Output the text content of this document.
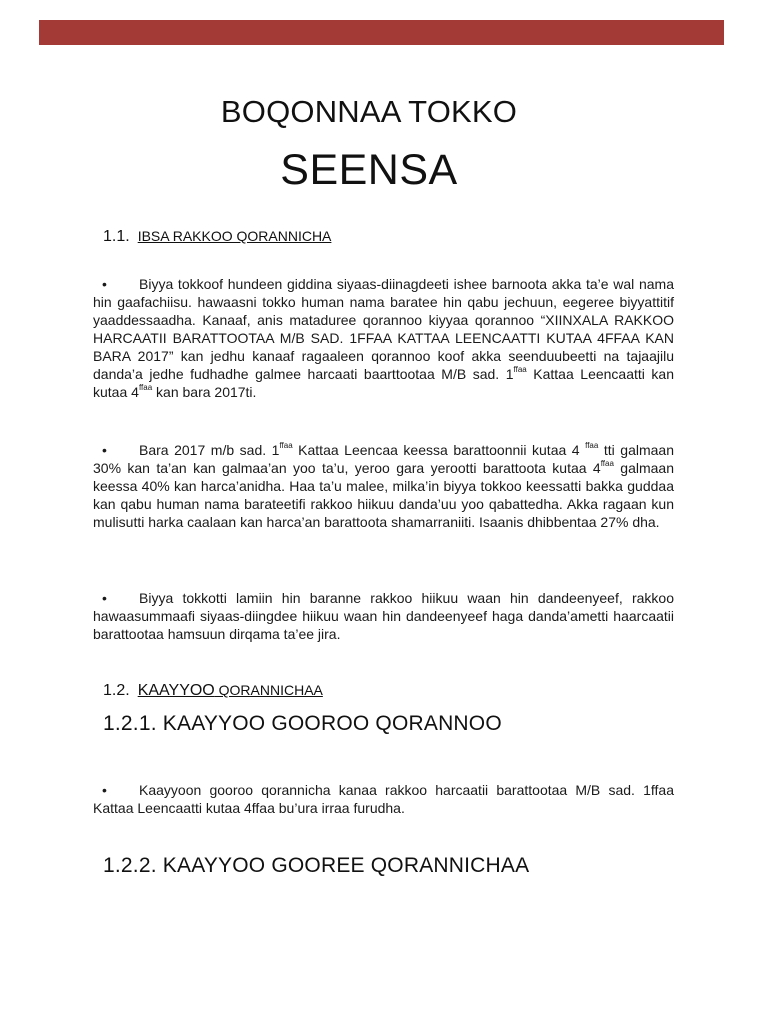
BOQONNAA TOKKO
SEENSA
1.1. IBSA RAKKOO QORANNICHA
• Biyya tokkoof hundeen giddina siyaas-diinagdeeti ishee barnoota akka ta’e wal nama hin gaafachiisu. hawaasni tokko human nama baratee hin qabu jechuun, eegeree biyyattitif yaaddessaadha. Kanaaf, anis mataduree qorannoo kiyyaa qorannoo “XIINXALA RAKKOO HARCAATII BARATTOOTAA M/B SAD. 1FFAA KATTAA LEENCAATTI KUTAA 4FFAA KAN BARA 2017” kan jedhu kanaaf ragaaleen qorannoo koof akka seenduubeetti na tajaajilu danda’a jedhe fudhadhe galmee harcaati baarttootaa M/B sad. $1^{ffaa}$ Kattaa Leencaatti kan kutaa $4^{ffaa}$ kan bara 2017ti.
• Bara 2017 m/b sad. $1^{ffaa}$ Kattaa Leencaa keessa barattoonnii kutaa 4 $^{ffaa}$ tti galmaan 30% kan ta’an kan galmaa’an yoo ta’u, yeroo gara yerootti barattoota kutaa $4^{ffaa}$ galmaan keessa 40% kan harca’anidha. Haa ta’u malee, milka’in biyya tokkoo keessatti bakka guddaa kan qabu human nama barateetifi rakkoo hiikuu danda’uu yoo qabattedha. Akka ragaan kun mulisutti harka caalaan kan harca’an barattoota shamarraniiti. Isaanis dhibbentaa 27% dha.
• Biyya tokkotti lamiin hin baranne rakkoo hiikuu waan hin dandeenyeef, rakkoo hawaasummaafi siyaas-diingdee hiikuu waan hin dandeenyeef haga danda’ametti haarcaatii barattootaa hamsuun dirqama ta’ee jira.
1.2. KAAYYOO QORANNICHAA
1.2.1. KAAYYOO GOOROO QORANNOO
• Kaayyoon gooroo qorannicha kanaa rakkoo harcaatii barattootaa M/B sad. 1ffaa Kattaa Leencaatti kutaa 4ffaa bu’ura irraa furudha.
1.2.2. KAAYYOO GOOREE QORANNICHAA
